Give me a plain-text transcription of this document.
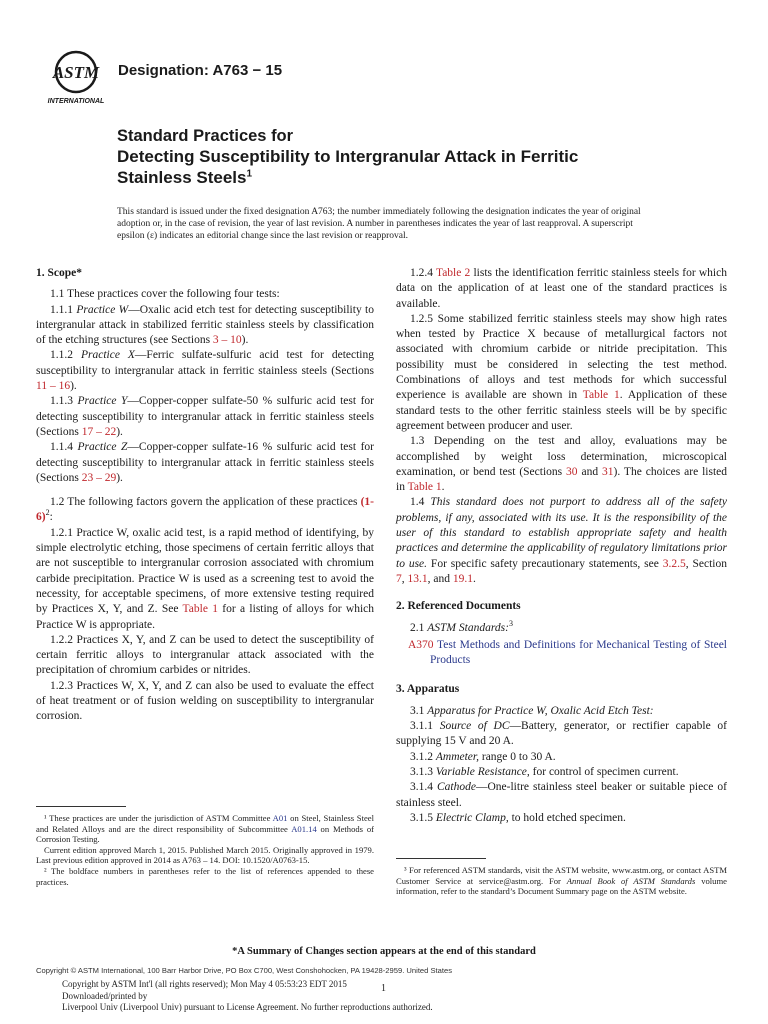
ASTM
INTERNATIONAL
Designation: A763 − 15
Standard Practices for
Detecting Susceptibility to Intergranular Attack in Ferritic
Stainless Steels$^1$
This standard is issued under the fixed designation A763; the number immediately following the designation indicates the year of original adoption or, in the case of revision, the year of last revision. A number in parentheses indicates the year of last reapproval. A superscript epsilon (ε) indicates an editorial change since the last revision or reapproval.
1. Scope*

1.1 These practices cover the following four tests:

1.1.1 Practice W—Oxalic acid etch test for detecting susceptibility to intergranular attack in stabilized ferritic stainless steels by classification of the etching structures (see Sections 3 – 10).

1.1.2 Practice X—Ferric sulfate-sulfuric acid test for detecting susceptibility to intergranular attack in ferritic stainless steels (Sections 11 – 16).

1.1.3 Practice Y—Copper-copper sulfate-50 % sulfuric acid test for detecting susceptibility to intergranular attack in ferritic stainless steels (Sections 17 – 22).

1.1.4 Practice Z—Copper-copper sulfate-16 % sulfuric acid test for detecting susceptibility to intergranular attack in ferritic stainless steels (Sections 23 – 29).

1.2 The following factors govern the application of these practices $(1-6)^2$:

1.2.1 Practice W, oxalic acid test, is a rapid method of identifying, by simple electrolytic etching, those specimens of certain ferritic alloys that are not susceptible to intergranular corrosion associated with chromium carbide precipitation. Practice W is used as a screening test to avoid the necessity, for acceptable specimens, of more extensive testing required by Practices X, Y, and Z. See Table 1 for a listing of alloys for which Practice W is appropriate.

1.2.2 Practices X, Y, and Z can be used to detect the susceptibility of certain ferritic alloys to intergranular attack associated with the precipitation of chromium carbides or nitrides.

1.2.3 Practices W, X, Y, and Z can also be used to evaluate the effect of heat treatment or of fusion welding on susceptibility to intergranular corrosion.

1.2.4 Table 2 lists the identification ferritic stainless steels for which data on the application of at least one of the standard practices is available.

1.2.5 Some stabilized ferritic stainless steels may show high rates when tested by Practice X because of metallurgical factors not associated with chromium carbide or nitride precipitation. This possibility must be considered in selecting the test method. Combinations of alloys and test methods for which successful experience is available are shown in Table 1. Application of these standard tests to the other ferritic stainless steels will be by specific agreement between producer and user.

1.3 Depending on the test and alloy, evaluations may be accomplished by weight loss determination, microscopical examination, or bend test (Sections 30 and 31). The choices are listed in Table 1.

1.4 This standard does not purport to address all of the safety problems, if any, associated with its use. It is the responsibility of the user of this standard to establish appropriate safety and health practices and determine the applicability of regulatory limitations prior to use. For specific safety precautionary statements, see 3.2.5, Section 7, 13.1, and 19.1.

2. Referenced Documents

2.1 ASTM Standards:$^3$

A370 Test Methods and Definitions for Mechanical Testing of Steel Products

3. Apparatus

3.1 Apparatus for Practice W, Oxalic Acid Etch Test:

3.1.1 Source of DC—Battery, generator, or rectifier capable of supplying 15 V and 20 A.

3.1.2 Ammeter, range 0 to 30 A.

3.1.3 Variable Resistance, for control of specimen current.

3.1.4 Cathode—One-litre stainless steel beaker or suitable piece of stainless steel.

3.1.5 Electric Clamp, to hold etched specimen.

¹ These practices are under the jurisdiction of ASTM Committee A01 on Steel, Stainless Steel and Related Alloys and are the direct responsibility of Subcommittee A01.14 on Methods of Corrosion Testing.

Current edition approved March 1, 2015. Published March 2015. Originally approved in 1979. Last previous edition approved in 2014 as A763 – 14. DOI: 10.1520/A0763-15.

² The boldface numbers in parentheses refer to the list of references appended to these practices.

³ For referenced ASTM standards, visit the ASTM website, www.astm.org, or contact ASTM Customer Service at service@astm.org. For Annual Book of ASTM Standards volume information, refer to the standard’s Document Summary page on the ASTM website.

*A Summary of Changes section appears at the end of this standard
Copyright © ASTM International, 100 Barr Harbor Drive, PO Box C700, West Conshohocken, PA 19428-2959. United States
Copyright by ASTM Int'l (all rights reserved); Mon May 4 05:53:23 EDT 2015
Downloaded/printed by
Liverpool Univ (Liverpool Univ) pursuant to License Agreement. No further reproductions authorized.
1
